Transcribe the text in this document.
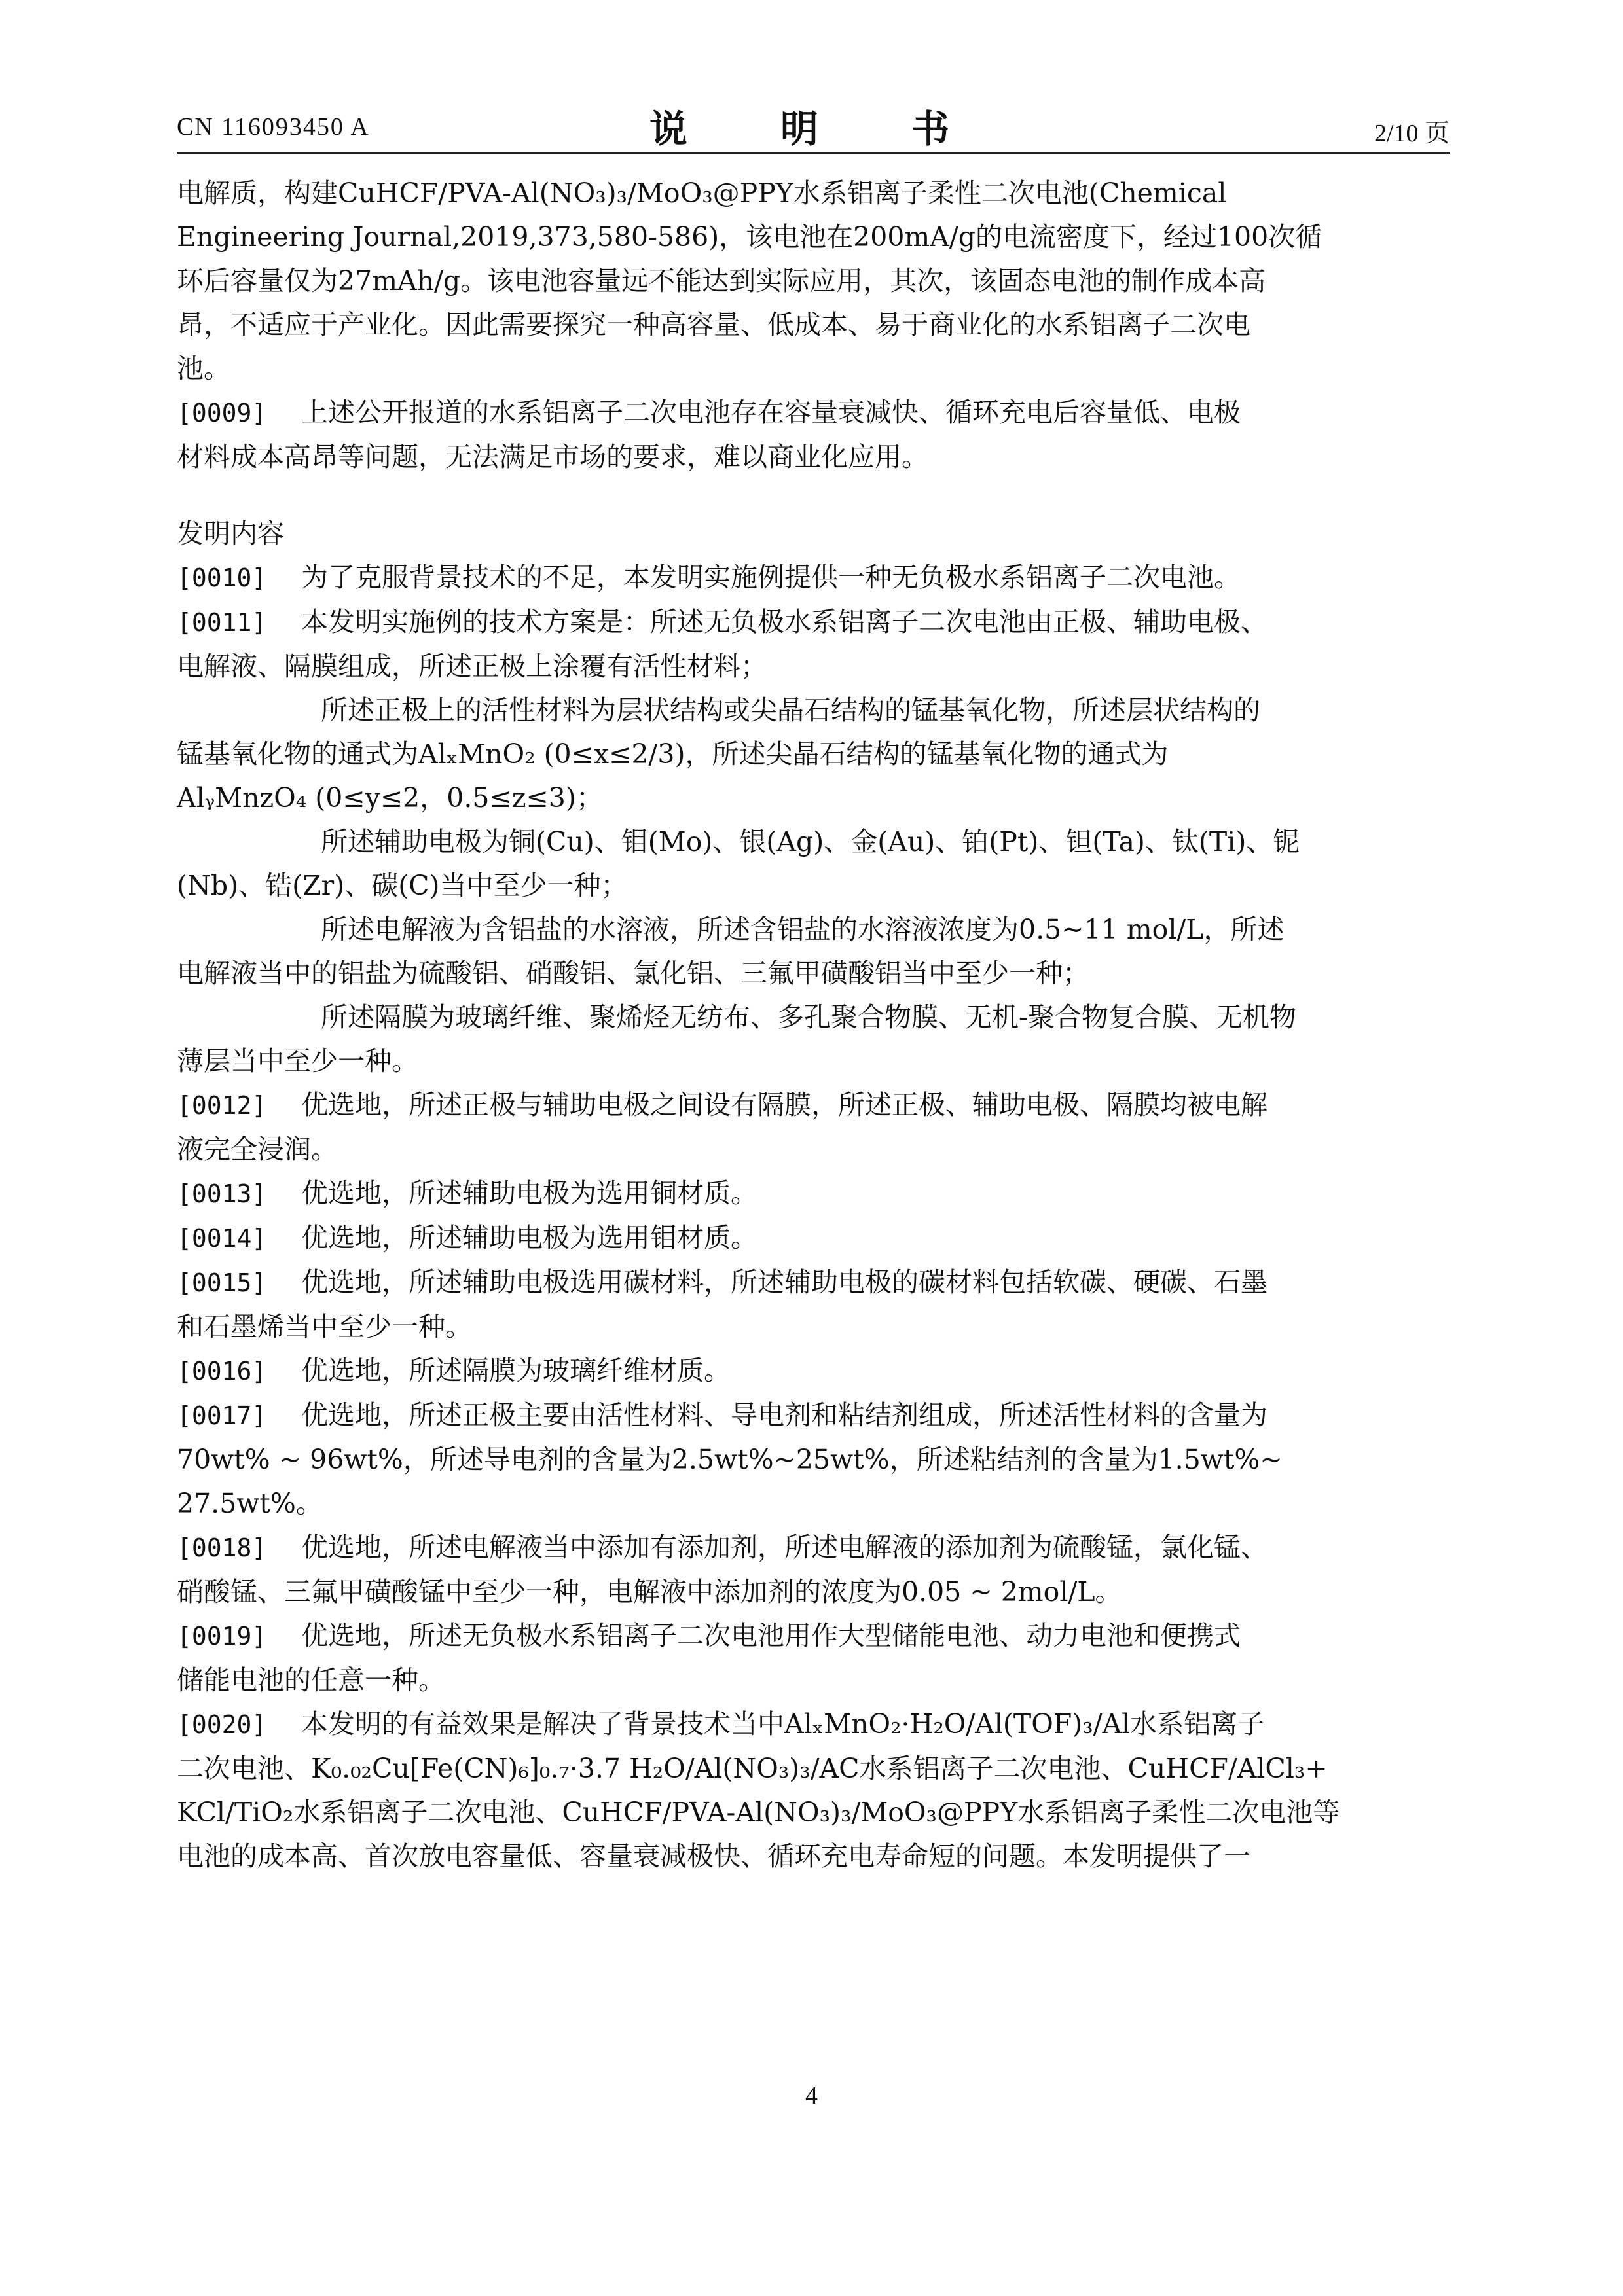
CN 116093450 A	说　明　书	2/10 页
电解质，构建CuHCF/PVA-Al(NO₃)₃/MoO₃@PPY水系铝离子柔性二次电池(Chemical
Engineering Journal,2019,373,580-586)，该电池在200mA/g的电流密度下，经过100次循
环后容量仅为27mAh/g。该电池容量远不能达到实际应用，其次，该固态电池的制作成本高
昂，不适应于产业化。因此需要探究一种高容量、低成本、易于商业化的水系铝离子二次电
池。
[0009] 上述公开报道的水系铝离子二次电池存在容量衰减快、循环充电后容量低、电极
材料成本高昂等问题，无法满足市场的要求，难以商业化应用。
发明内容
[0010] 为了克服背景技术的不足，本发明实施例提供一种无负极水系铝离子二次电池。
[0011] 本发明实施例的技术方案是：所述无负极水系铝离子二次电池由正极、辅助电极、
电解液、隔膜组成，所述正极上涂覆有活性材料；
所述正极上的活性材料为层状结构或尖晶石结构的锰基氧化物，所述层状结构的
锰基氧化物的通式为AlₓMnO₂ (0≤x≤2/3)，所述尖晶石结构的锰基氧化物的通式为
AlᵧMnzO₄ (0≤y≤2，0.5≤z≤3)；
所述辅助电极为铜(Cu)、钼(Mo)、银(Ag)、金(Au)、铂(Pt)、钽(Ta)、钛(Ti)、铌
(Nb)、锆(Zr)、碳(C)当中至少一种；
所述电解液为含铝盐的水溶液，所述含铝盐的水溶液浓度为0.5~11 mol/L，所述
电解液当中的铝盐为硫酸铝、硝酸铝、氯化铝、三氟甲磺酸铝当中至少一种；
所述隔膜为玻璃纤维、聚烯烃无纺布、多孔聚合物膜、无机-聚合物复合膜、无机物
薄层当中至少一种。
[0012] 优选地，所述正极与辅助电极之间设有隔膜，所述正极、辅助电极、隔膜均被电解
液完全浸润。
[0013] 优选地，所述辅助电极为选用铜材质。
[0014] 优选地，所述辅助电极为选用钼材质。
[0015] 优选地，所述辅助电极选用碳材料，所述辅助电极的碳材料包括软碳、硬碳、石墨
和石墨烯当中至少一种。
[0016] 优选地，所述隔膜为玻璃纤维材质。
[0017] 优选地，所述正极主要由活性材料、导电剂和粘结剂组成，所述活性材料的含量为
70wt% ~ 96wt%，所述导电剂的含量为2.5wt%~25wt%，所述粘结剂的含量为1.5wt%~
27.5wt%。
[0018] 优选地，所述电解液当中添加有添加剂，所述电解液的添加剂为硫酸锰，氯化锰、
硝酸锰、三氟甲磺酸锰中至少一种，电解液中添加剂的浓度为0.05 ~ 2mol/L。
[0019] 优选地，所述无负极水系铝离子二次电池用作大型储能电池、动力电池和便携式
储能电池的任意一种。
[0020] 本发明的有益效果是解决了背景技术当中AlₓMnO₂·H₂O/Al(TOF)₃/Al水系铝离子
二次电池、K₀.₀₂Cu[Fe(CN)₆]₀.₇·3.7 H₂O/Al(NO₃)₃/AC水系铝离子二次电池、CuHCF/AlCl₃+
KCl/TiO₂水系铝离子二次电池、CuHCF/PVA-Al(NO₃)₃/MoO₃@PPY水系铝离子柔性二次电池等
电池的成本高、首次放电容量低、容量衰减极快、循环充电寿命短的问题。本发明提供了一
4
